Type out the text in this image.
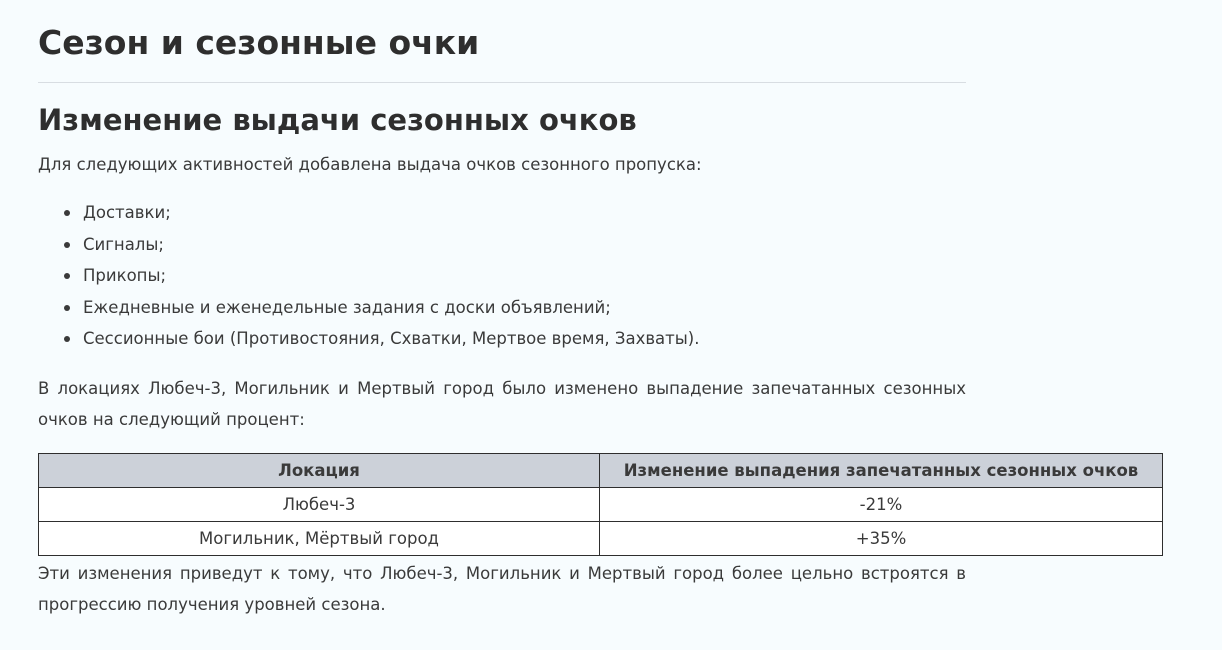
Сезон и сезонные очки
Изменение выдачи сезонных очков

Для следующих активностей добавлена выдача очков сезонного пропуска:

Доставки;
Сигналы;
Прикопы;
Ежедневные и еженедельные задания с доски объявлений;
Сессионные бои (Противостояния, Схватки, Мертвое время, Захваты).

В локациях Любеч-3, Могильник и Мертвый город было изменено выпадение запечатанных сезонных очков на следующий процент:

Локация	Изменение выпадения запечатанных сезонных очков
Любеч-3	-21%
Могильник, Мёртвый город	+35%

Эти изменения приведут к тому, что Любеч-3, Могильник и Мертвый город более цельно встроятся в прогрессию получения уровней сезона.
